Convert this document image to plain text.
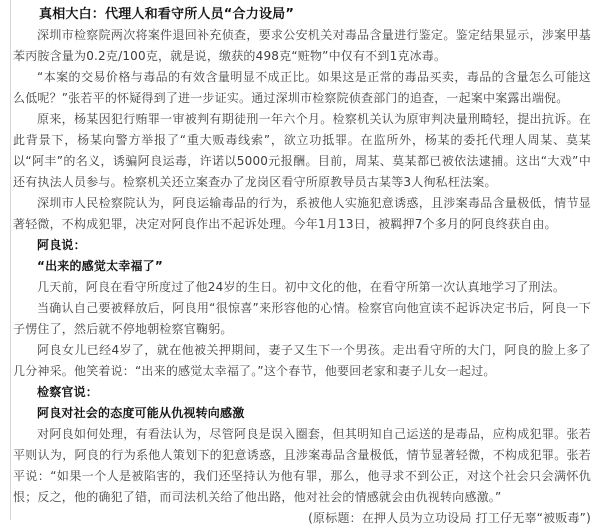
真相大白：代理人和看守所人员“合力设局”

深圳市检察院两次将案件退回补充侦查，要求公安机关对毒品含量进行鉴定。鉴定结果显示，涉案甲基苯丙胺含量为0.2克/100克，就是说，缴获的498克“赃物”中仅有不到1克冰毒。

“本案的交易价格与毒品的有效含量明显不成正比。如果这是正常的毒品买卖，毒品的含量怎么可能这么低呢？”张若平的怀疑得到了进一步证实。通过深圳市检察院侦查部门的追查，一起案中案露出端倪。

原来，杨某因犯行贿罪一审被判有期徒刑一年六个月。检察机关认为原审判决量刑畸轻，提出抗诉。在此背景下，杨某向警方举报了“重大贩毒线索”，欲立功抵罪。在监所外，杨某的委托代理人周某、莫某以“阿丰”的名义，诱骗阿良运毒，许诺以5000元报酬。目前，周某、莫某都已被依法逮捕。这出“大戏”中还有执法人员参与。检察机关还立案查办了龙岗区看守所原教导员古某等3人徇私枉法案。

深圳市人民检察院认为，阿良运输毒品的行为，系被他人实施犯意诱惑，且涉案毒品含量极低，情节显著轻微，不构成犯罪，决定对阿良作出不起诉处理。今年1月13日，被羁押7个多月的阿良终获自由。

阿良说：

“出来的感觉太幸福了”

几天前，阿良在看守所度过了他24岁的生日。初中文化的他，在看守所第一次认真地学习了刑法。

当确认自己要被释放后，阿良用“很惊喜”来形容他的心情。检察官向他宣读不起诉决定书后，阿良一下子愣住了，然后就不停地朝检察官鞠躬。

阿良女儿已经4岁了，就在他被关押期间，妻子又生下一个男孩。走出看守所的大门，阿良的脸上多了几分神采。他笑着说：“出来的感觉太幸福了。”这个春节，他要回老家和妻子儿女一起过。

检察官说：

阿良对社会的态度可能从仇视转向感激

对阿良如何处理，有看法认为，尽管阿良是误入圈套，但其明知自己运送的是毒品，应构成犯罪。张若平则认为，阿良的行为系他人策划下的犯意诱惑，且涉案毒品含量极低，情节显著轻微，不构成犯罪。张若平说：“如果一个人是被陷害的，我们还坚持认为他有罪，那么，他寻求不到公正，对这个社会只会满怀仇恨；反之，他的确犯了错，而司法机关给了他出路，他对社会的情感就会由仇视转向感激。”

(原标题：在押人员为立功设局 打工仔无辜“被贩毒”)
